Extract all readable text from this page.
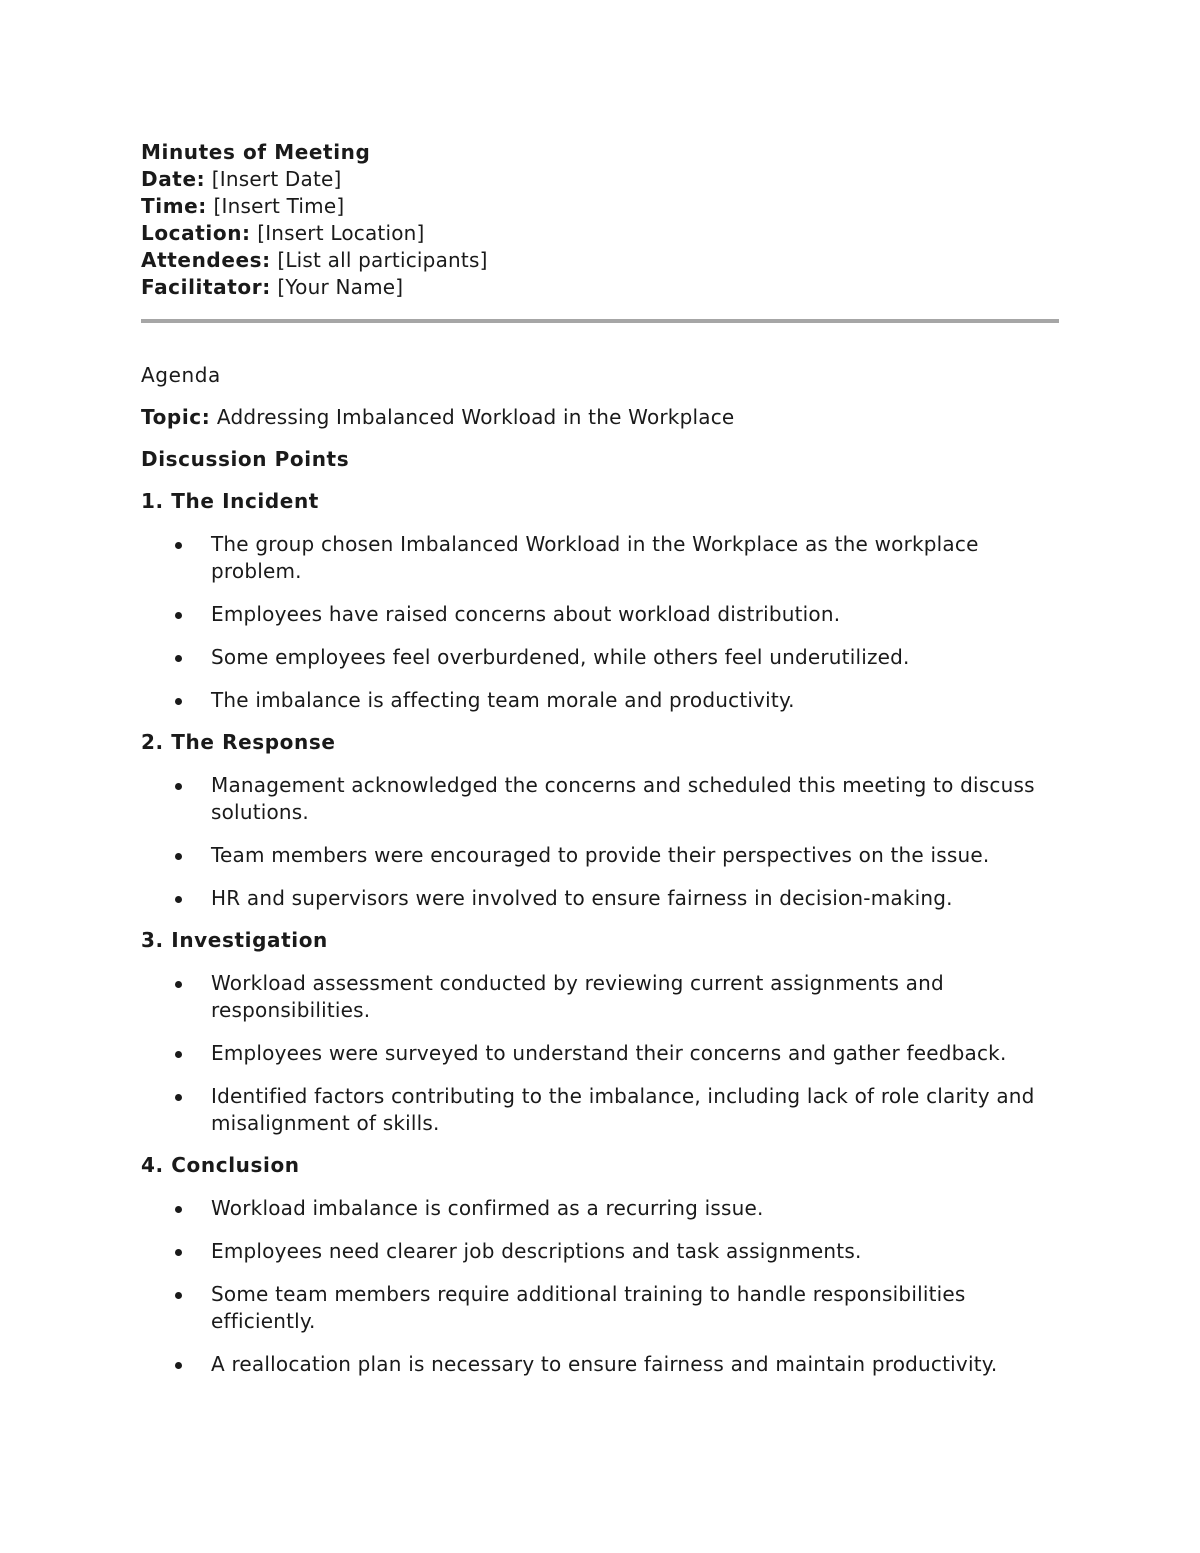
Minutes of Meeting
Date: [Insert Date]
Time: [Insert Time]
Location: [Insert Location]
Attendees: [List all participants]
Facilitator: [Your Name]
Agenda
Topic: Addressing Imbalanced Workload in the Workplace
Discussion Points
1. The Incident
The group chosen Imbalanced Workload in the Workplace as the workplace problem.
Employees have raised concerns about workload distribution.
Some employees feel overburdened, while others feel underutilized.
The imbalance is affecting team morale and productivity.
2. The Response
Management acknowledged the concerns and scheduled this meeting to discuss solutions.
Team members were encouraged to provide their perspectives on the issue.
HR and supervisors were involved to ensure fairness in decision-making.
3. Investigation
Workload assessment conducted by reviewing current assignments and responsibilities.
Employees were surveyed to understand their concerns and gather feedback.
Identified factors contributing to the imbalance, including lack of role clarity and misalignment of skills.
4. Conclusion
Workload imbalance is confirmed as a recurring issue.
Employees need clearer job descriptions and task assignments.
Some team members require additional training to handle responsibilities efficiently.
A reallocation plan is necessary to ensure fairness and maintain productivity.
